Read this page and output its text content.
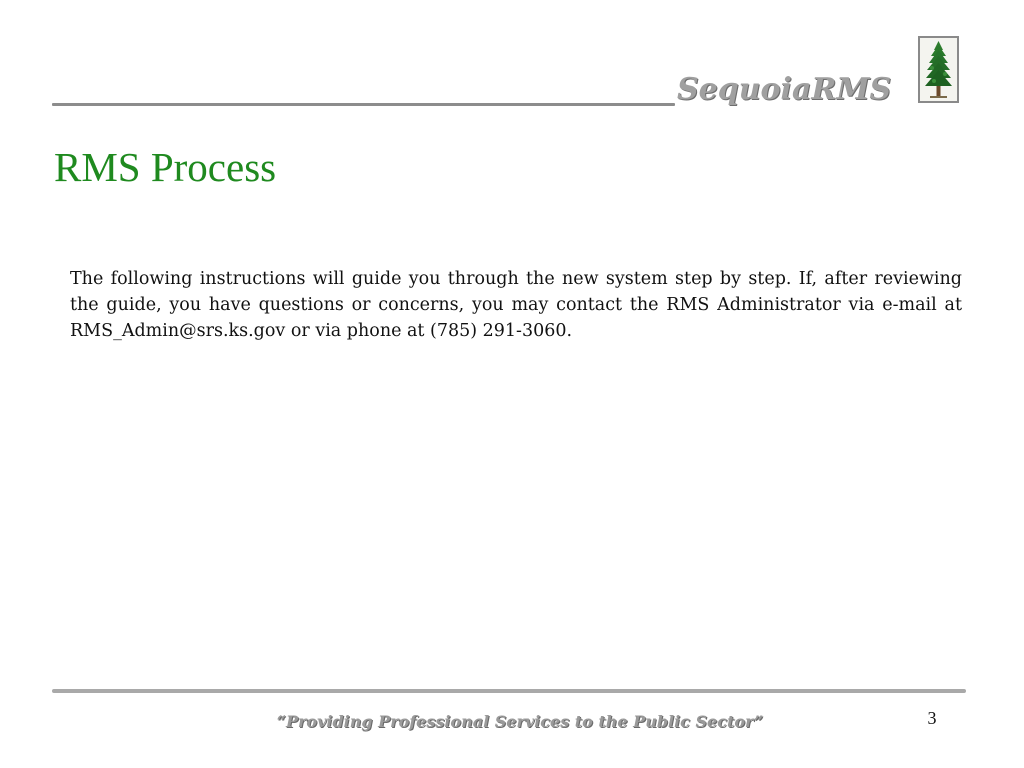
SequoiaRMS
RMS Process

The following instructions will guide you through the new system step by step. If, after reviewing the guide, you have questions or concerns, you may contact the RMS Administrator via e-mail at RMS_Admin@srs.ks.gov or via phone at (785) 291-3060.

“Providing Professional Services to the Public Sector”	3
